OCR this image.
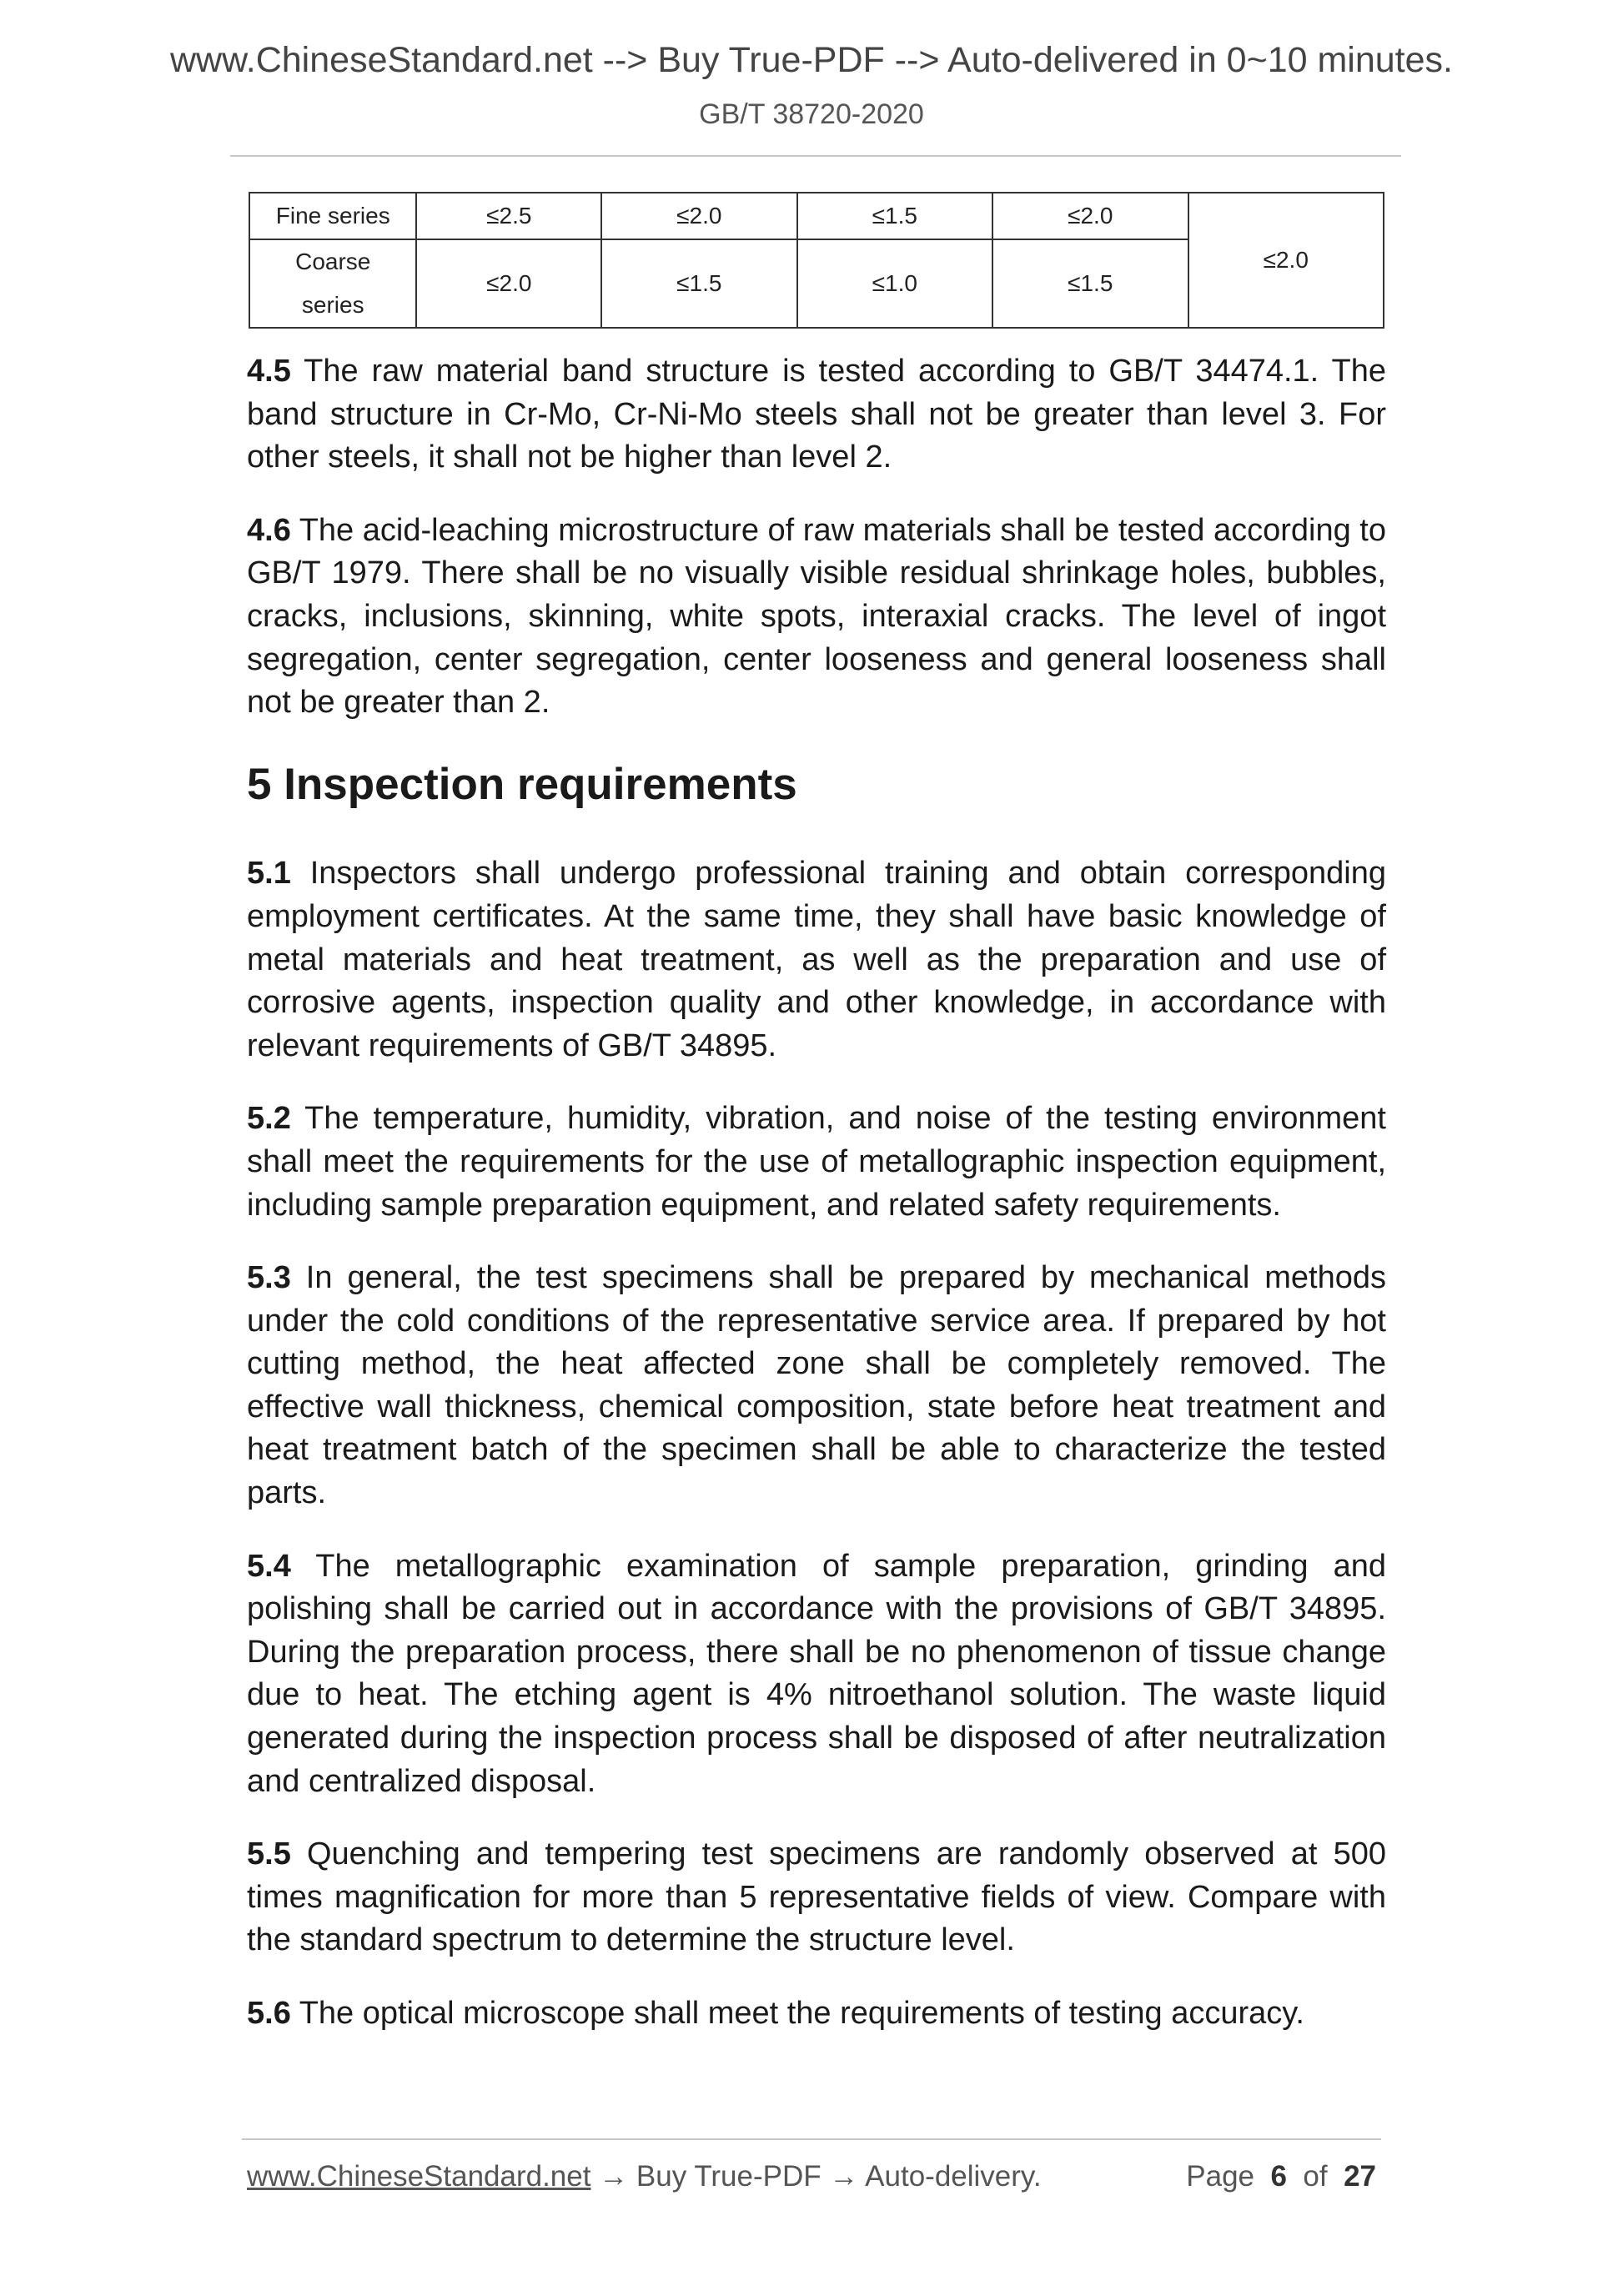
www.ChineseStandard.net --> Buy True-PDF --> Auto-delivered in 0~10 minutes.
GB/T 38720-2020
Fine series	≤2.5	≤2.0	≤1.5	≤2.0	≤2.0

Coarse
series	≤2.0	≤1.5	≤1.0	≤1.5	

4.5 The raw material band structure is tested according to GB/T 34474.1. The band structure in Cr-Mo, Cr-Ni-Mo steels shall not be greater than level 3. For other steels, it shall not be higher than level 2.

4.6 The acid-leaching microstructure of raw materials shall be tested according to GB/T 1979. There shall be no visually visible residual shrinkage holes, bubbles, cracks, inclusions, skinning, white spots, interaxial cracks. The level of ingot segregation, center segregation, center looseness and general looseness shall not be greater than 2.

5 Inspection requirements

5.1 Inspectors shall undergo professional training and obtain corresponding employment certificates. At the same time, they shall have basic knowledge of metal materials and heat treatment, as well as the preparation and use of corrosive agents, inspection quality and other knowledge, in accordance with relevant requirements of GB/T 34895.

5.2 The temperature, humidity, vibration, and noise of the testing environment shall meet the requirements for the use of metallographic inspection equipment, including sample preparation equipment, and related safety requirements.

5.3 In general, the test specimens shall be prepared by mechanical methods under the cold conditions of the representative service area. If prepared by hot cutting method, the heat affected zone shall be completely removed. The effective wall thickness, chemical composition, state before heat treatment and heat treatment batch of the specimen shall be able to characterize the tested parts.

5.4 The metallographic examination of sample preparation, grinding and polishing shall be carried out in accordance with the provisions of GB/T 34895. During the preparation process, there shall be no phenomenon of tissue change due to heat. The etching agent is 4% nitroethanol solution. The waste liquid generated during the inspection process shall be disposed of after neutralization and centralized disposal.

5.5 Quenching and tempering test specimens are randomly observed at 500 times magnification for more than 5 representative fields of view. Compare with the standard spectrum to determine the structure level.

5.6 The optical microscope shall meet the requirements of testing accuracy.

www.ChineseStandard.net → Buy True-PDF → Auto-delivery.	Page 6 of 27
